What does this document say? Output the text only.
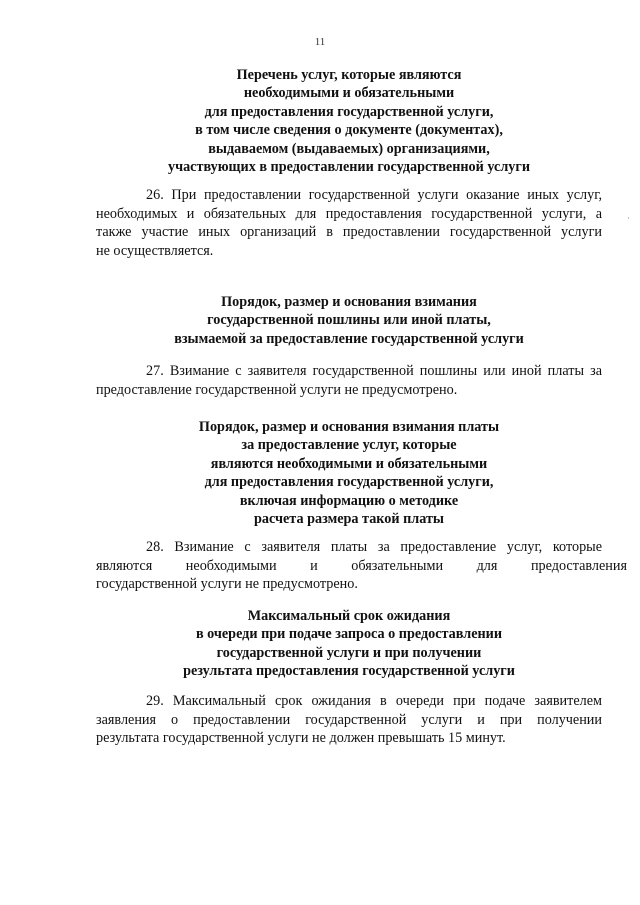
11
Перечень услуг, которые являются
необходимыми и обязательными
для предоставления государственной услуги,
в том числе сведения о документе (документах),
выдаваемом (выдаваемых) организациями,
участвующих в предоставлении государственной услуги
26. При предоставлении государственной услуги оказание иных услуг,
необходимых и обязательных для предоставления государственной услуги, а
также участие иных организаций в предоставлении государственной услуги
не осуществляется.
Порядок, размер и основания взимания
государственной пошлины или иной платы,
взымаемой за предоставление государственной услуги
27. Взимание с заявителя государственной пошлины или иной платы за
предоставление государственной услуги не предусмотрено.
Порядок, размер и основания взимания платы
за предоставление услуг, которые
являются необходимыми и обязательными
для предоставления государственной услуги,
включая информацию о методике
расчета размера такой платы
28. Взимание с заявителя платы за предоставление услуг, которые
являются необходимыми и обязательными для предоставления
государственной услуги не предусмотрено.
Максимальный срок ожидания
в очереди при подаче запроса о предоставлении
государственной услуги и при получении
результата предоставления государственной услуги
29. Максимальный срок ожидания в очереди при подаче заявителем
заявления о предоставлении государственной услуги и при получении
результата государственной услуги не должен превышать 15 минут.
·
